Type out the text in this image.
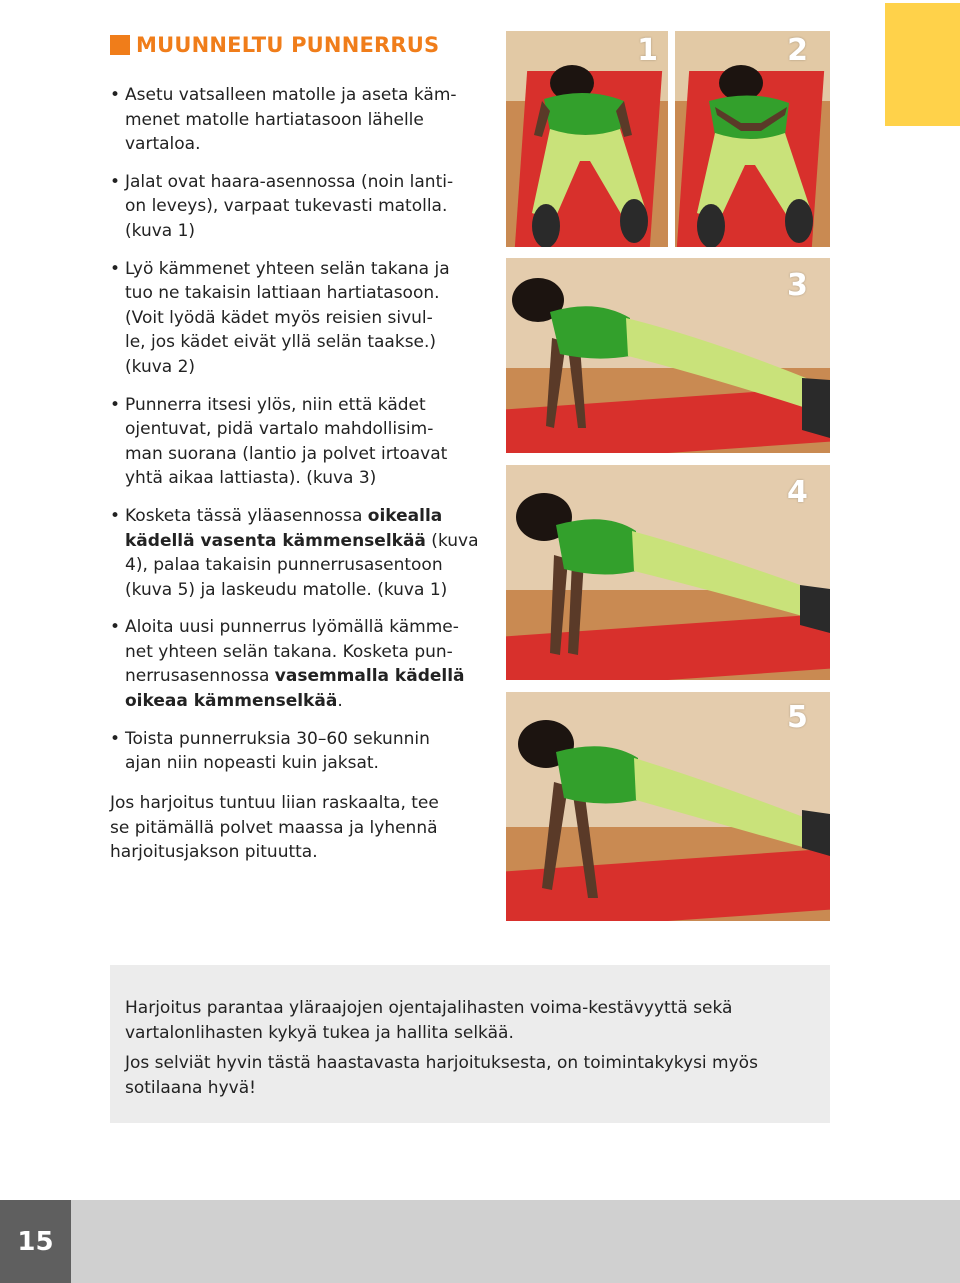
MUUNNELTU PUNNERRUS
• Asetu vatsalleen matolle ja aseta käm-
menet matolle hartiatasoon lähelle
vartaloa.
• Jalat ovat haara-asennossa (noin lanti-
on leveys), varpaat tukevasti matolla.
(kuva 1)
• Lyö kämmenet yhteen selän takana ja
tuo ne takaisin lattiaan hartiatasoon.
(Voit lyödä kädet myös reisien sivul-
le, jos kädet eivät yllä selän taakse.)
(kuva 2)
• Punnerra itsesi ylös, niin että kädet
ojentuvat, pidä vartalo mahdollisim-
man suorana (lantio ja polvet irtoavat
yhtä aikaa lattiasta). (kuva 3)
• Kosketa tässä yläasennossa oikealla
kädellä vasenta kämmenselkää (kuva
4), palaa takaisin punnerrusasentoon
(kuva 5) ja laskeudu matolle. (kuva 1)
• Aloita uusi punnerrus lyömällä kämme-
net yhteen selän takana. Kosketa pun-
nerrusasennossa vasemmalla kädellä
oikeaa kämmenselkää.
• Toista punnerruksia 30–60 sekunnin
ajan niin nopeasti kuin jaksat.

Jos harjoitus tuntuu liian raskaalta, tee
se pitämällä polvet maassa ja lyhennä
harjoitusjakson pituutta.

1	2
3
4
5

Harjoitus parantaa yläraajojen ojentajalihasten voima-kestävyyttä sekä
vartalonlihasten kykyä tukea ja hallita selkää.

Jos selviät hyvin tästä haastavasta harjoituksesta, on toimintakykysi myös
sotilaana hyvä!

15
